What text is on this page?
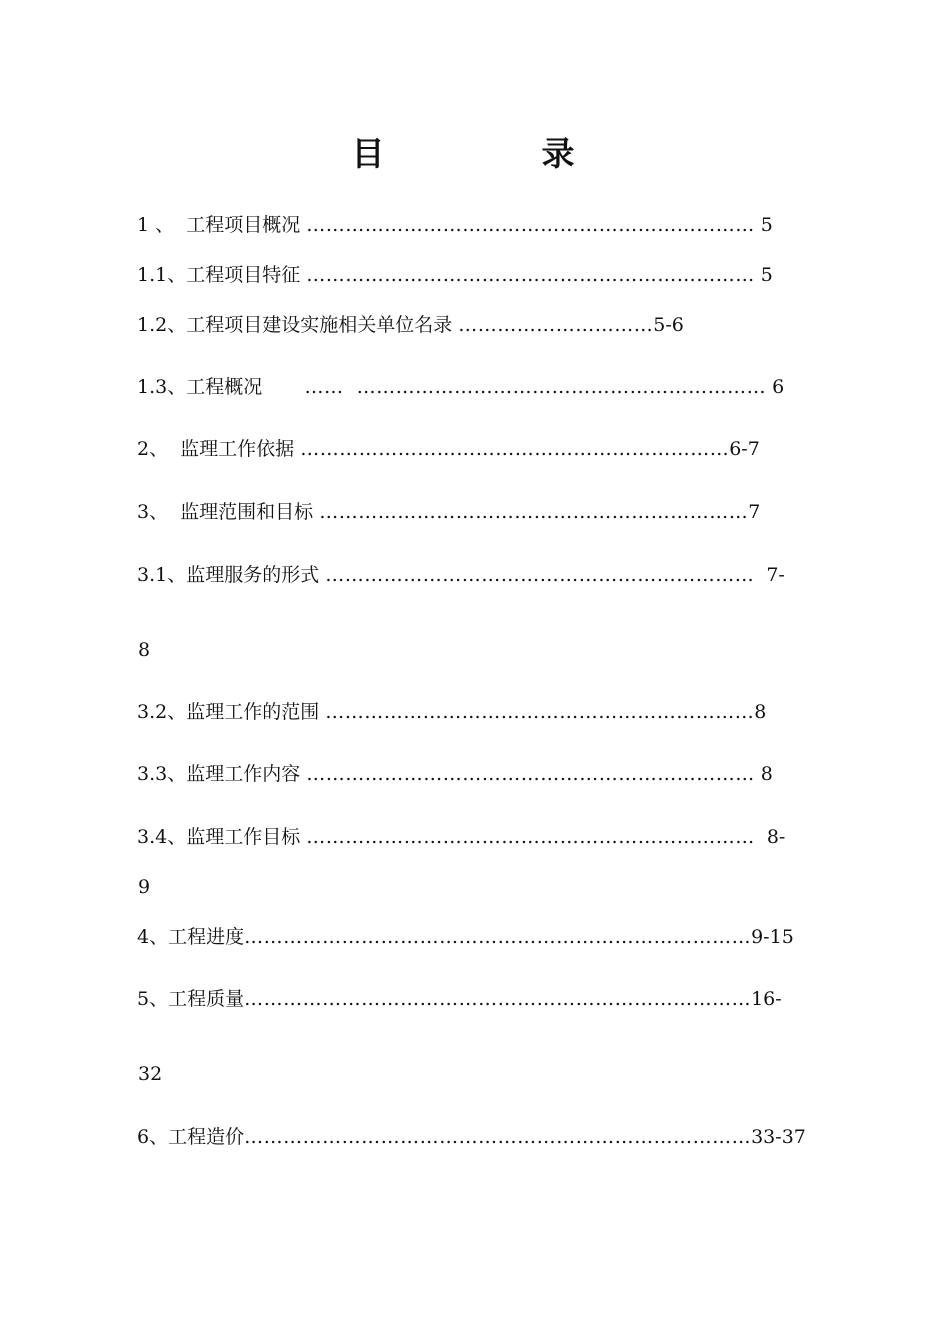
目　录
1 、  工程项目概况 …………………………………………………………… 5
1.1、工程项目特征 …………………………………………………………… 5
1.2、工程项目建设实施相关单位名录 …………………………5-6
1.3、工程概况       ……  ……………………………………………………… 6
2、  监理工作依据 …………………………………………………………6-7
3、  监理范围和目标 …………………………………………………………7
3.1、监理服务的形式 …………………………………………………………  7-
8
3.2、监理工作的范围 …………………………………………………………8
3.3、监理工作内容 …………………………………………………………… 8
3.4、监理工作目标 ……………………………………………………………  8-
9
4、工程进度……………………………………………………………………9-15
5、工程质量……………………………………………………………………16-
32
6、工程造价……………………………………………………………………33-37
